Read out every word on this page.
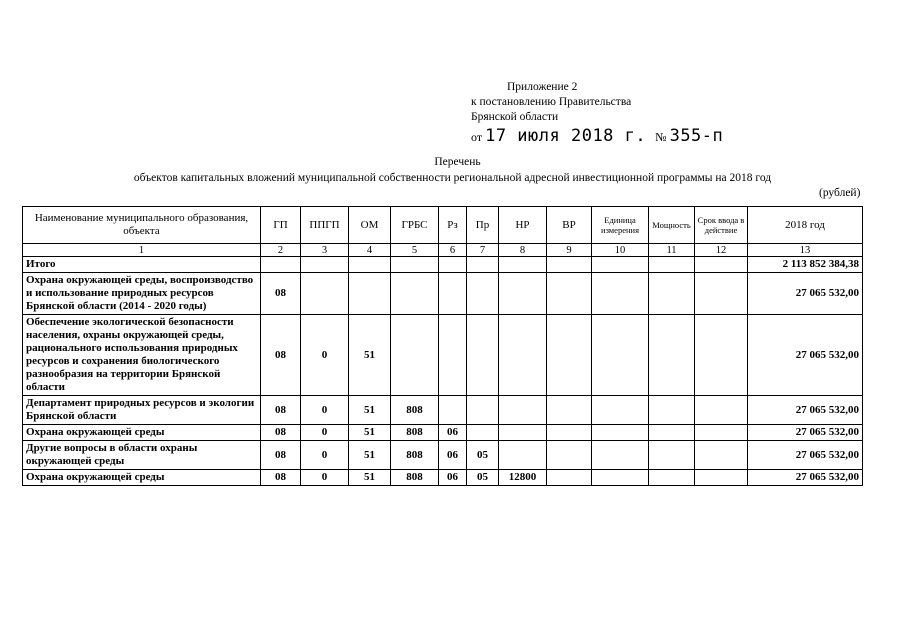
Приложение 2
к постановлению Правительства
Брянской области
от 17 июля 2018 г. № 355-п
Перечень
объектов капитальных вложений муниципальной собственности региональной адресной инвестиционной программы на 2018 год
(рублей)
Наименование муниципального образования, объекта	ГП	ППГП	ОМ	ГРБС	Рз	Пр	НР	ВР	Единица измерения	Мощность	Срок ввода в действие	2018 год
1	2	3	4	5	6	7	8	9	10	11	12	13
Итого												2 113 852 384,38
Охрана окружающей среды, воспроизводство и использование природных ресурсов Брянской области (2014 - 2020 годы)	08											27 065 532,00
Обеспечение экологической безопасности населения, охраны окружающей среды, рационального использования природных ресурсов и сохранения биологического разнообразия на территории Брянской области	08	0	51									27 065 532,00
Департамент природных ресурсов и экологии Брянской области	08	0	51	808								27 065 532,00
Охрана окружающей среды	08	0	51	808	06							27 065 532,00
Другие вопросы в области охраны окружающей среды	08	0	51	808	06	05						27 065 532,00
Охрана окружающей среды	08	0	51	808	06	05	12800					27 065 532,00
